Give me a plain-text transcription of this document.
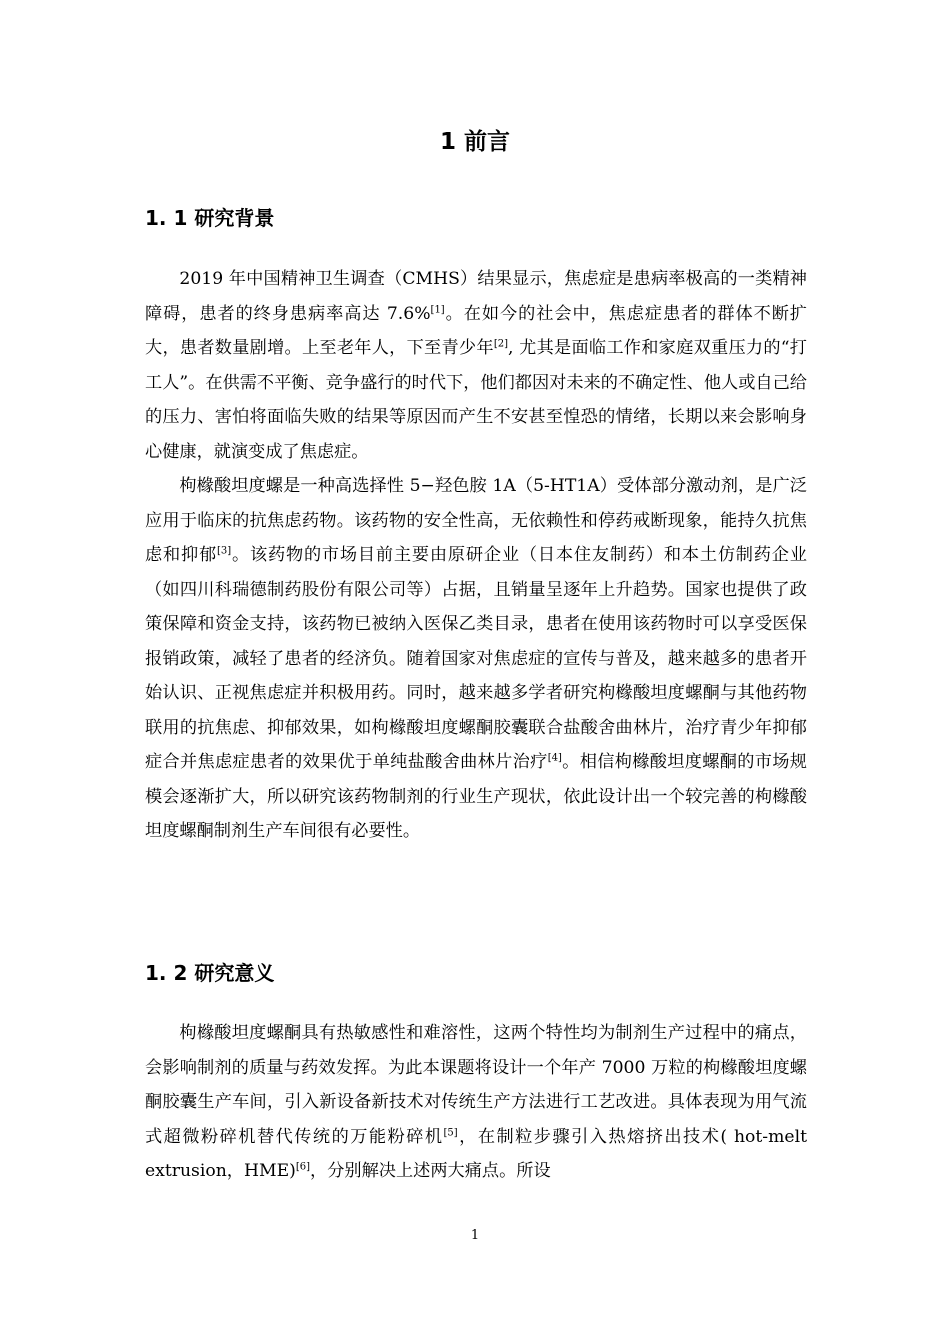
1 前言
1. 1 研究背景

2019 年中国精神卫生调查（CMHS）结果显示，焦虑症是患病率极高的一类精神障碍，患者的终身患病率高达 7.6%[1]。在如今的社会中，焦虑症患者的群体不断扩大，患者数量剧增。上至老年人，下至青少年[2], 尤其是面临工作和家庭双重压力的“打工人”。在供需不平衡、竞争盛行的时代下，他们都因对未来的不确定性、他人或自己给的压力、害怕将面临失败的结果等原因而产生不安甚至惶恐的情绪，长期以来会影响身心健康，就演变成了焦虑症。

枸橼酸坦度螺是一种高选择性 5−羟色胺 1A（5-HT1A）受体部分激动剂，是广泛应用于临床的抗焦虑药物。该药物的安全性高，无依赖性和停药戒断现象，能持久抗焦虑和抑郁[3]。该药物的市场目前主要由原研企业（日本住友制药）和本土仿制药企业（如四川科瑞德制药股份有限公司等）占据，且销量呈逐年上升趋势。国家也提供了政策保障和资金支持，该药物已被纳入医保乙类目录，患者在使用该药物时可以享受医保报销政策，减轻了患者的经济负。随着国家对焦虑症的宣传与普及，越来越多的患者开始认识、正视焦虑症并积极用药。同时，越来越多学者研究枸橼酸坦度螺酮与其他药物联用的抗焦虑、抑郁效果，如枸橼酸坦度螺酮胶囊联合盐酸舍曲林片，治疗青少年抑郁症合并焦虑症患者的效果优于单纯盐酸舍曲林片治疗[4]。相信枸橼酸坦度螺酮的市场规模会逐渐扩大，所以研究该药物制剂的行业生产现状，依此设计出一个较完善的枸橼酸坦度螺酮制剂生产车间很有必要性。

1. 2 研究意义

枸橼酸坦度螺酮具有热敏感性和难溶性，这两个特性均为制剂生产过程中的痛点，会影响制剂的质量与药效发挥。为此本课题将设计一个年产 7000 万粒的枸橼酸坦度螺酮胶囊生产车间，引入新设备新技术对传统生产方法进行工艺改进。具体表现为用气流式超微粉碎机替代传统的万能粉碎机[5]，在制粒步骤引入热熔挤出技术( hot-melt extrusion，HME)[6]，分别解决上述两大痛点。所设

1
